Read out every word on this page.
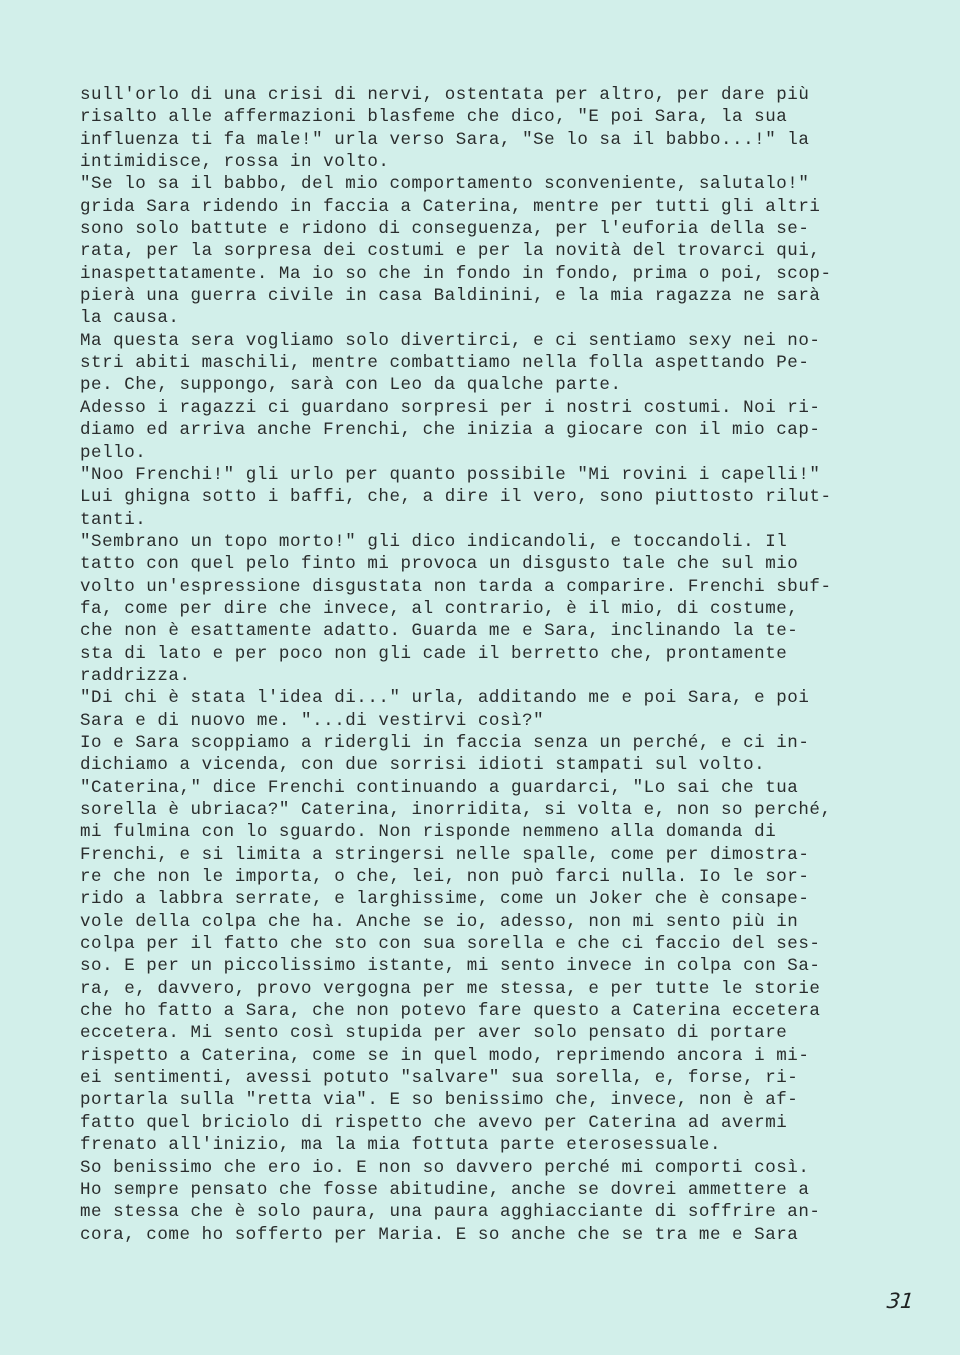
sull'orlo di una crisi di nervi, ostentata per altro, per dare più
risalto alle affermazioni blasfeme che dico, "E poi Sara, la sua
influenza ti fa male!" urla verso Sara, "Se lo sa il babbo...!" la
intimidisce, rossa in volto.
"Se lo sa il babbo, del mio comportamento sconveniente, salutalo!"
grida Sara ridendo in faccia a Caterina, mentre per tutti gli altri
sono solo battute e ridono di conseguenza, per l'euforia della se-
rata, per la sorpresa dei costumi e per la novità del trovarci qui,
inaspettatamente. Ma io so che in fondo in fondo, prima o poi, scop-
pierà una guerra civile in casa Baldinini, e la mia ragazza ne sarà
la causa.
Ma questa sera vogliamo solo divertirci, e ci sentiamo sexy nei no-
stri abiti maschili, mentre combattiamo nella folla aspettando Pe-
pe. Che, suppongo, sarà con Leo da qualche parte.
Adesso i ragazzi ci guardano sorpresi per i nostri costumi. Noi ri-
diamo ed arriva anche Frenchi, che inizia a giocare con il mio cap-
pello.
"Noo Frenchi!" gli urlo per quanto possibile "Mi rovini i capelli!"
Lui ghigna sotto i baffi, che, a dire il vero, sono piuttosto rilut-
tanti.
"Sembrano un topo morto!" gli dico indicandoli, e toccandoli. Il
tatto con quel pelo finto mi provoca un disgusto tale che sul mio
volto un'espressione disgustata non tarda a comparire. Frenchi sbuf-
fa, come per dire che invece, al contrario, è il mio, di costume,
che non è esattamente adatto. Guarda me e Sara, inclinando la te-
sta di lato e per poco non gli cade il berretto che, prontamente
raddrizza.
"Di chi è stata l'idea di..." urla, additando me e poi Sara, e poi
Sara e di nuovo me. "...di vestirvi così?"
Io e Sara scoppiamo a ridergli in faccia senza un perché, e ci in-
dichiamo a vicenda, con due sorrisi idioti stampati sul volto.
"Caterina," dice Frenchi continuando a guardarci, "Lo sai che tua
sorella è ubriaca?" Caterina, inorridita, si volta e, non so perché,
mi fulmina con lo sguardo. Non risponde nemmeno alla domanda di
Frenchi, e si limita a stringersi nelle spalle, come per dimostra-
re che non le importa, o che, lei, non può farci nulla. Io le sor-
rido a labbra serrate, e larghissime, come un Joker che è consape-
vole della colpa che ha. Anche se io, adesso, non mi sento più in
colpa per il fatto che sto con sua sorella e che ci faccio del ses-
so. E per un piccolissimo istante, mi sento invece in colpa con Sa-
ra, e, davvero, provo vergogna per me stessa, e per tutte le storie
che ho fatto a Sara, che non potevo fare questo a Caterina eccetera
eccetera. Mi sento così stupida per aver solo pensato di portare
rispetto a Caterina, come se in quel modo, reprimendo ancora i mi-
ei sentimenti, avessi potuto "salvare" sua sorella, e, forse, ri-
portarla sulla "retta via". E so benissimo che, invece, non è af-
fatto quel briciolo di rispetto che avevo per Caterina ad avermi
frenato all'inizio, ma la mia fottuta parte eterosessuale.
So benissimo che ero io. E non so davvero perché mi comporti così.
Ho sempre pensato che fosse abitudine, anche se dovrei ammettere a
me stessa che è solo paura, una paura agghiacciante di soffrire an-
cora, come ho sofferto per Maria. E so anche che se tra me e Sara
31
